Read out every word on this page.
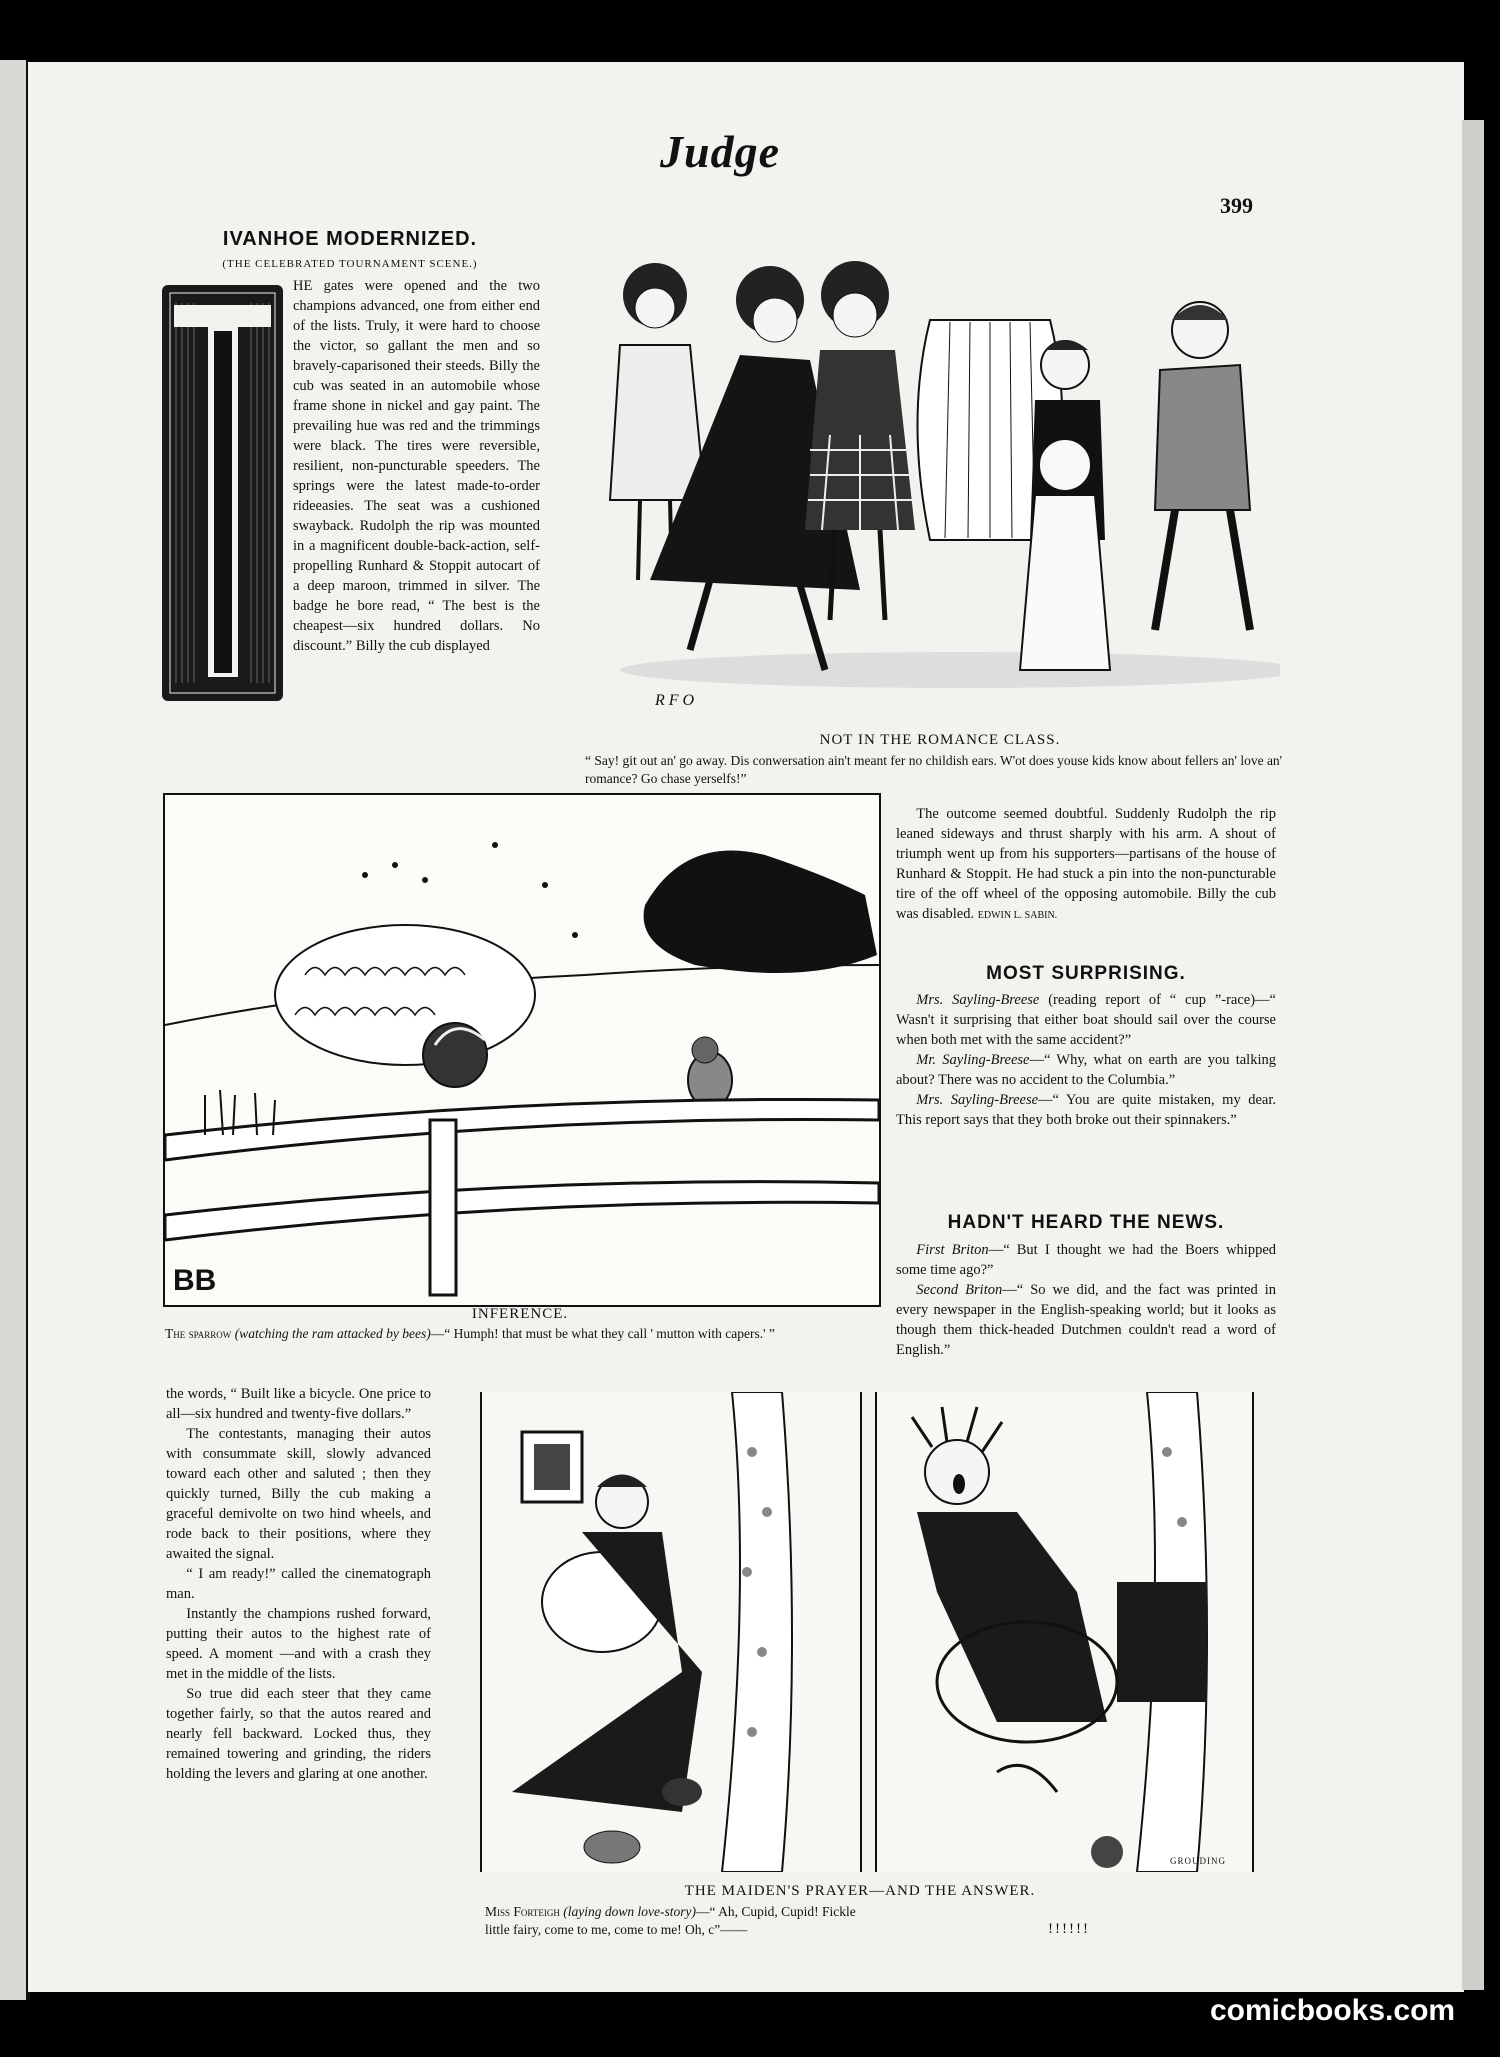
Judge
399
IVANHOE MODERNIZED.
(THE CELEBRATED TOURNAMENT SCENE.)
HE gates were opened and the two champions advanced, one from either end of the lists. Truly, it were hard to choose the victor, so gallant the men and so bravely-caparisoned their steeds. Billy the cub was seated in an automobile whose frame shone in nickel and gay paint. The prevailing hue was red and the trimmings were black. The tires were reversible, resilient, non-puncturable speeders. The springs were the latest made-to-order rideeasies. The seat was a cushioned swayback. Rudolph the rip was mounted in a magnificent double-back-action, self-propelling Runhard & Stoppit autocart of a deep maroon, trimmed in silver. The badge he bore read, “ The best is the cheapest—six hundred dollars. No discount.” Billy the cub displayed
R F O
NOT IN THE ROMANCE CLASS.
“ Say! git out an' go away. Dis conwersation ain't meant fer no childish ears. W'ot does youse kids know about fellers an' love an' romance? Go chase yerselfs!”
BB
INFERENCE.
The sparrow (watching the ram attacked by bees)—“ Humph! that must be what they call ' mutton with capers.' ”
The outcome seemed doubtful. Suddenly Rudolph the rip leaned sideways and thrust sharply with his arm. A shout of triumph went up from his supporters—partisans of the house of Runhard & Stoppit. He had stuck a pin into the non-puncturable tire of the off wheel of the opposing automobile. Billy the cub was disabled. EDWIN L. SABIN.
MOST SURPRISING.
Mrs. Sayling-Breese (reading report of “ cup ”-race)—“ Wasn't it surprising that either boat should sail over the course when both met with the same accident?”
Mr. Sayling-Breese—“ Why, what on earth are you talking about? There was no accident to the Columbia.”
Mrs. Sayling-Breese—“ You are quite mistaken, my dear. This report says that they both broke out their spinnakers.”
HADN'T HEARD THE NEWS.
First Briton—“ But I thought we had the Boers whipped some time ago?”
Second Briton—“ So we did, and the fact was printed in every newspaper in the English-speaking world; but it looks as though them thick-headed Dutchmen couldn't read a word of English.”
the words, “ Built like a bicycle. One price to all—six hundred and twenty-five dollars.”
The contestants, managing their autos with consummate skill, slowly advanced toward each other and saluted ; then they quickly turned, Billy the cub making a graceful demivolte on two hind wheels, and rode back to their positions, where they awaited the signal.
“ I am ready!” called the cinematograph man.
Instantly the champions rushed forward, putting their autos to the highest rate of speed. A moment —and with a crash they met in the middle of the lists.
So true did each steer that they came together fairly, so that the autos reared and nearly fell backward. Locked thus, they remained towering and grinding, the riders holding the levers and glaring at one another.
GROUDING
THE MAIDEN'S PRAYER—AND THE ANSWER.
Miss Forteigh (laying down love-story)—“ Ah, Cupid, Cupid! Fickle little fairy, come to me, come to me! Oh, c”——	!!!!!!
comicbooks.com
